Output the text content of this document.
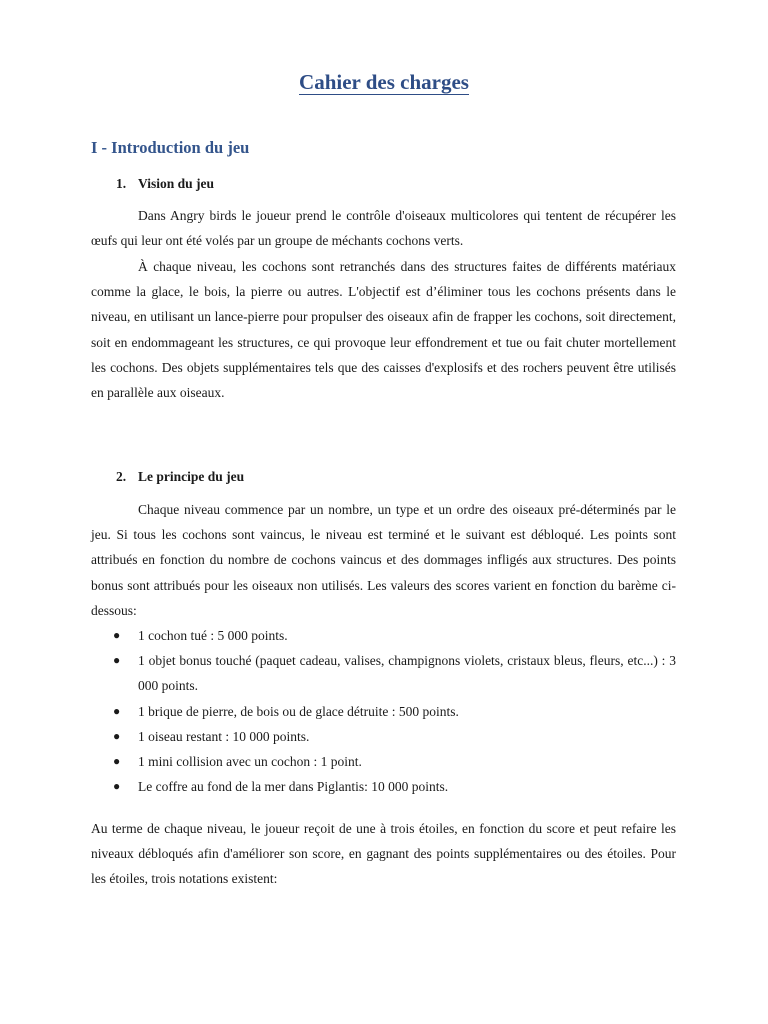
Cahier des charges
I - Introduction du jeu
1. Vision du jeu

Dans Angry birds le joueur prend le contrôle d'oiseaux multicolores qui tentent de récupérer les œufs qui leur ont été volés par un groupe de méchants cochons verts.

À chaque niveau, les cochons sont retranchés dans des structures faites de différents matériaux comme la glace, le bois, la pierre ou autres. L'objectif est d’éliminer tous les cochons présents dans le niveau, en utilisant un lance-pierre pour propulser des oiseaux afin de frapper les cochons, soit directement, soit en endommageant les structures, ce qui provoque leur effondrement et tue ou fait chuter mortellement les cochons. Des objets supplémentaires tels que des caisses d'explosifs et des rochers peuvent être utilisés en parallèle aux oiseaux.

2. Le principe du jeu

Chaque niveau commence par un nombre, un type et un ordre des oiseaux pré-déterminés par le jeu. Si tous les cochons sont vaincus, le niveau est terminé et le suivant est débloqué. Les points sont attribués en fonction du nombre de cochons vaincus et des dommages infligés aux structures. Des points bonus sont attribués pour les oiseaux non utilisés. Les valeurs des scores varient en fonction du barème ci-dessous:

● 1 cochon tué : 5 000 points.
● 1 objet bonus touché (paquet cadeau, valises, champignons violets, cristaux bleus, fleurs, etc...) : 3 000 points.
● 1 brique de pierre, de bois ou de glace détruite : 500 points.
● 1 oiseau restant : 10 000 points.
● 1 mini collision avec un cochon : 1 point.
● Le coffre au fond de la mer dans Piglantis: 10 000 points.

Au terme de chaque niveau, le joueur reçoit de une à trois étoiles, en fonction du score et peut refaire les niveaux débloqués afin d'améliorer son score, en gagnant des points supplémentaires ou des étoiles. Pour les étoiles, trois notations existent:
